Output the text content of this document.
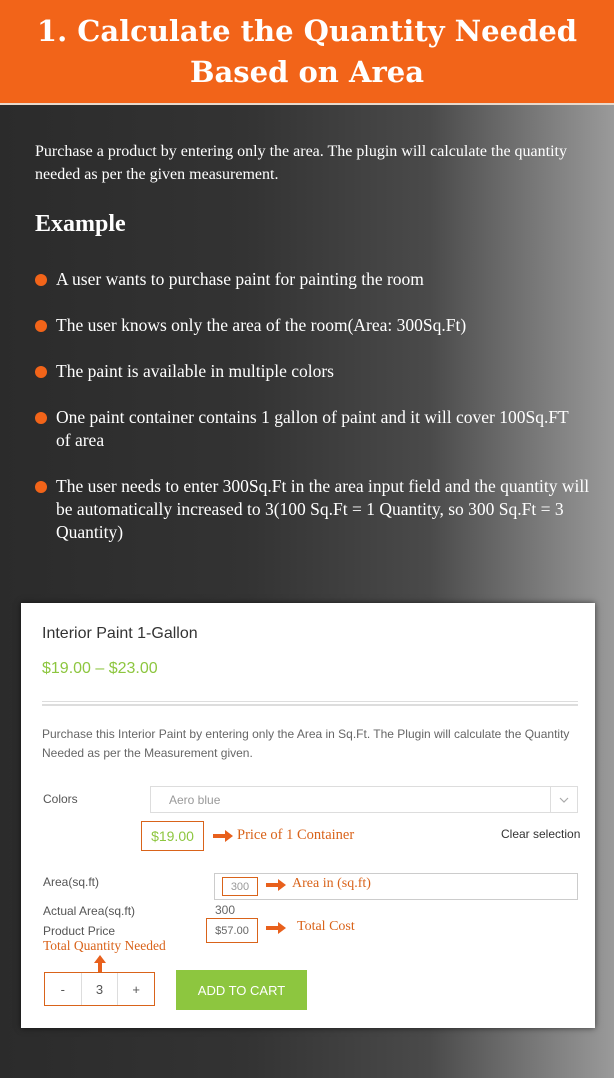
1. Calculate the Quantity Needed Based on Area

Purchase a product by entering only the area. The plugin will calculate the quantity needed as per the given measurement.

Example
A user wants to purchase paint for painting the room
The user knows only the area of the room(Area: 300Sq.Ft)
The paint is available in multiple colors
One paint container contains 1 gallon of paint and it will cover 100Sq.FT of area
The user needs to enter 300Sq.Ft in the area input field and the quantity will be automatically increased to 3(100 Sq.Ft = 1 Quantity, so 300 Sq.Ft = 3 Quantity)
Interior Paint 1-Gallon
$19.00 – $23.00
Purchase this Interior Paint by entering only the Area in Sq.Ft. The Plugin will calculate the Quantity Needed as per the Measurement given.
Colors	Aero blue
$19.00	Price of 1 Container	Clear selection
Area(sq.ft)	300	Area in (sq.ft)
Actual Area(sq.ft)	300
Product Price	$57.00	Total Cost
Total Quantity Needed
-	3	+	ADD TO CART
